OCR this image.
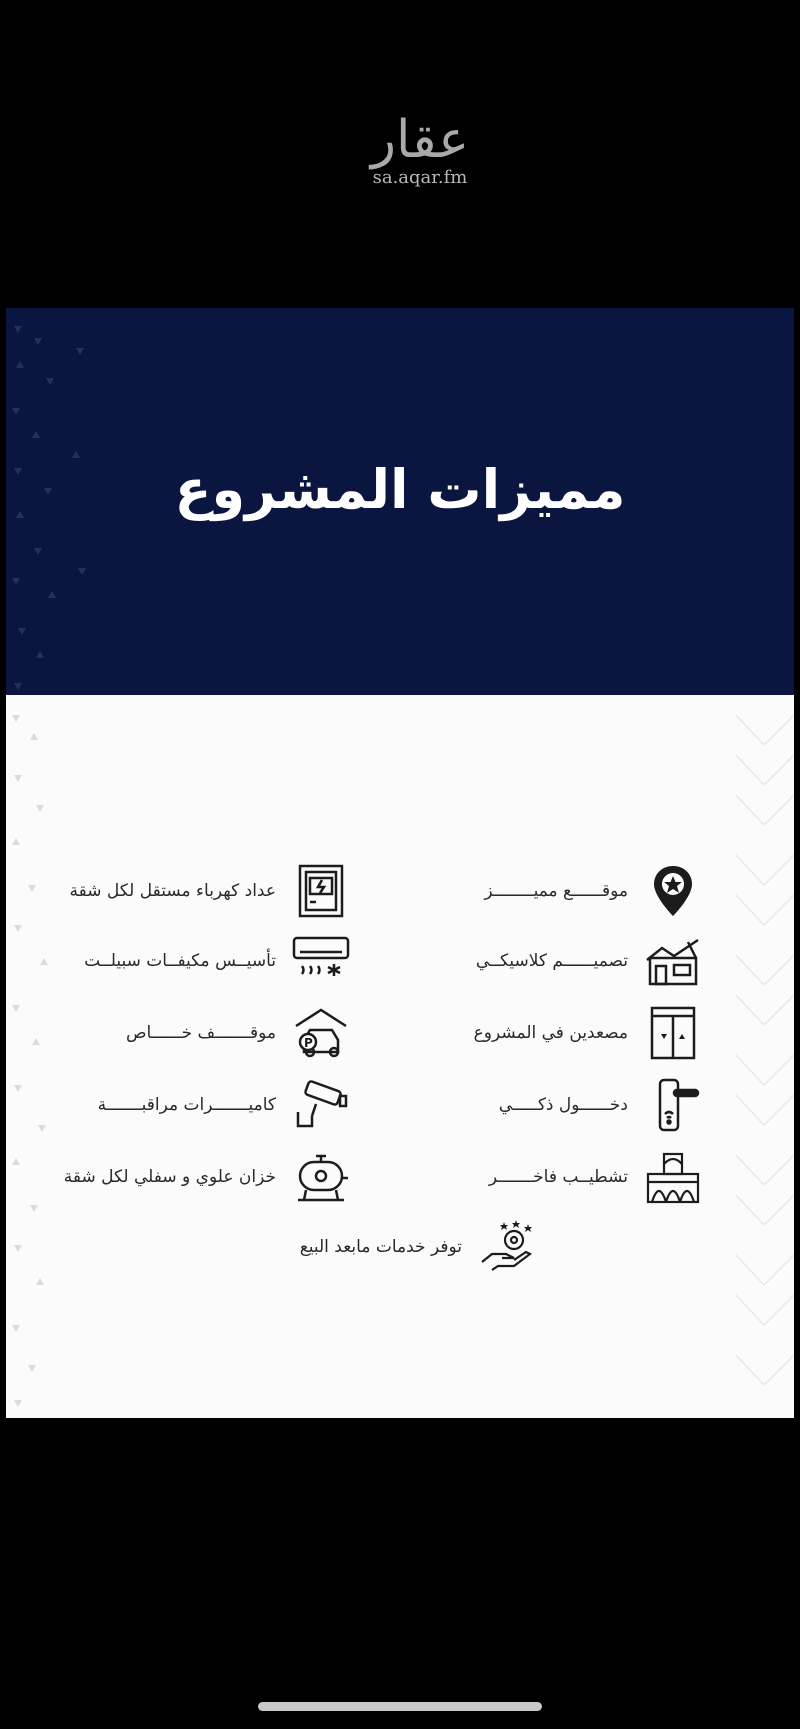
عقار
sa.aqar.fm
مميزات المشروع
موقــــــع مميــــــــز
تصميــــــم كلاسيكــي
مصعدين في المشروع
دخــــــول ذكـــــي
تشطيــب فاخـــــــر
عداد كهرباء مستقل لكل شقة
تأسيــس مكيفــات سبيلــت
موقـــــــف خــــــاص P
كاميـــــــرات مراقبـــــــة
خزان علوي و سفلي لكل شقة
توفر خدمات مابعد البيع
